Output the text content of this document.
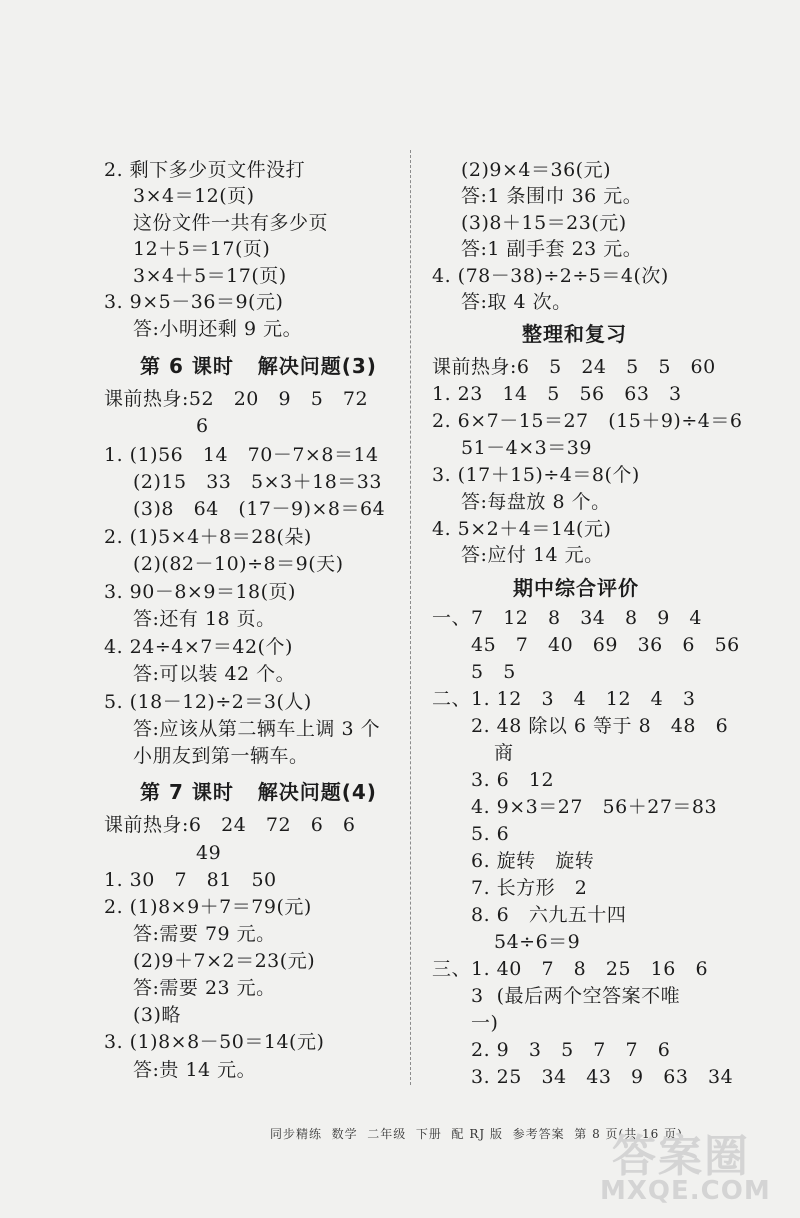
2. 剩下多少页文件没打
3×4＝12(页)
这份文件一共有多少页
12＋5＝17(页)
3×4＋5＝17(页)
3. 9×5－36＝9(元)
答:小明还剩 9 元。
第 6 课时   解决问题(3)
课前热身:52   20   9   5   72
6
1. (1)56   14   70－7×8＝14
(2)15   33   5×3＋18＝33
(3)8   64   (17－9)×8＝64
2. (1)5×4＋8＝28(朵)
(2)(82－10)÷8＝9(天)
3. 90－8×9＝18(页)
答:还有 18 页。
4. 24÷4×7＝42(个)
答:可以装 42 个。
5. (18－12)÷2＝3(人)
答:应该从第二辆车上调 3 个
小朋友到第一辆车。
第 7 课时   解决问题(4)
课前热身:6   24   72   6   6
49
1. 30   7   81   50
2. (1)8×9＋7＝79(元)
答:需要 79 元。
(2)9＋7×2＝23(元)
答:需要 23 元。
(3)略
3. (1)8×8－50＝14(元)
答:贵 14 元。
(2)9×4＝36(元)
答:1 条围巾 36 元。
(3)8＋15＝23(元)
答:1 副手套 23 元。
4. (78－38)÷2÷5＝4(次)
答:取 4 次。
整理和复习
课前热身:6   5   24   5   5   60
1. 23   14   5   56   63   3
2. 6×7－15＝27   (15＋9)÷4＝6
51－4×3＝39
3. (17＋15)÷4＝8(个)
答:每盘放 8 个。
4. 5×2＋4＝14(元)
答:应付 14 元。
期中综合评价
一、7   12   8   34   8   9   4
45   7   40   69   36   6   56
5   5
二、1. 12   3   4   12   4   3
2. 48 除以 6 等于 8   48   6
商
3. 6   12
4. 9×3＝27   56＋27＝83
5. 6
6. 旋转   旋转
7. 长方形   2
8. 6   六九五十四
54÷6＝9
三、1. 40   7   8   25   16   6
3  (最后两个空答案不唯
一)
2. 9   3   5   7   7   6
3. 25   34   43   9   63   34
同步精练  数学  二年级  下册  配 RJ 版  参考答案  第 8 页(共 16 页)
答案圈
MXQE.COM
